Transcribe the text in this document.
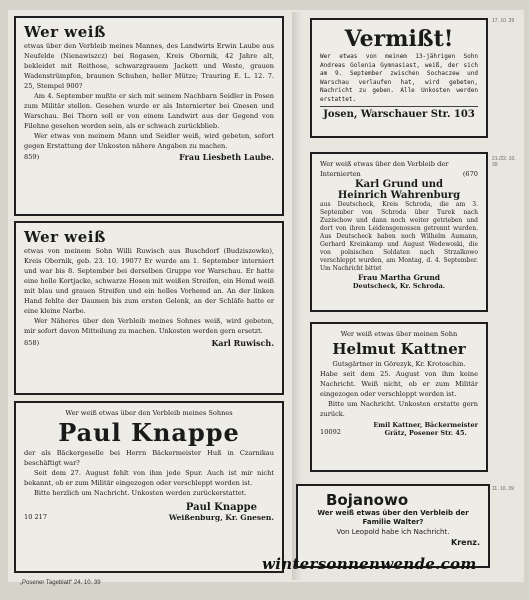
Wer weiß

etwas über den Verbleib meines Mannes, des Landwirts Erwin Laube aus Neufelde (Nienawiszcz) bei Rogasen, Kreis Obornik, 42 Jahre alt, bekleidet mit Reithose, schwarzgrauem Jackett und Weste, grauen Wadenstrümpfen, braunen Schuhen, heller Mütze; Trauring E. L. 12. 7. 25, Stempel 900?

Am 4. September mußte er sich mit seinem Nachbarn Seidler in Posen zum Militär stellen. Gesehen wurde er als Internierter bei Gnesen und Warschau. Bei Thorn soll er von einem Landwirt aus der Gegend von Filehne gesehen worden sein, als er schwach zurückblieb.

Wer etwas von meinem Mann und Seidler weiß, wird gebeten, sofort gegen Erstattung der Unkosten nähere Angaben zu machen.

859)	Frau Liesbeth Laube.
Wer weiß

etwas von meinem Sohn Willi Ruwisch aus Buschdorf (Budziszewko), Kreis Obornik, geb. 23. 10. 1907? Er wurde am 1. September interniert und war bis 8. September bei derselben Gruppe vor Warschau. Er hatte eine helle Kortjacke, schwarze Hosen mit weißen Streifen, ein Hemd weiß mit blau und grauen Streifen und ein helles Vorhemd an. An der linken Hand fehlte der Daumen bis zum ersten Gelenk, an der Schläfe hatte er eine kleine Narbe.

Wer Näheres über den Verbleib meines Sohnes weiß, wird gebeten, mir sofort davon Mitteilung zu machen. Unkosten werden gern ersetzt.

858)	Karl Ruwisch.

Wer weiß etwas über den Verbleib meines Sohnes

Paul Knappe

der als Bäckergeselle bei Herrn Bäckermeister Huß in Czarnikau beschäftigt war?

Seit dem 27. August fehlt von ihm jede Spur. Auch ist mir nicht bekannt, ob er zum Militär eingezogen oder verschleppt worden ist.

Bitte herzlich um Nachricht. Unkosten werden zurückerstattet.

10 217
Paul Knappe
Weißenburg, Kr. Gnesen.
Vermißt!

Wer etwas von meinem 13-jährigen Sohn Andreas Golenia Gymnasiast, weiß, der sich am 9. September zwischen Sochaczew und Warschau verlaufen hat, wird gebeten, Nachricht zu geben. Alle Unkosten werden erstattet.

Josen, Warschauer Str. 103
17. 10. 39

Wer weiß etwas über den Verbleib der Internierten	(670
Karl Grund und
Heinrich Wahrenburg

aus Deutscheck, Kreis Schroda, die am 3. September von Schroda über Turek nach Zuzischow und dann noch weiter getrieben und dort von ihren Leidensgenossen getrennt wurden. Aus Deutscheck haben noch Wilhelm Aumann, Gerhard Kreinkamp und August Wedewoski, die von polnischen Soldaten nach Strzalkowo verschleppt wurden, am Montag, d. 4. September. Um Nachricht bittet

Frau Martha Grund
Deutscheck, Kr. Schroda.
21./22. 10. 39

Wer weiß etwas über meinen Sohn

Helmut Kattner

Gutsgärtner in Görezyk, Kr. Krotoschin.

Habe seit dem 25. August von ihm keine Nachricht. Weiß nicht, ob er zum Militär eingezogen oder verschleppt worden ist.

Bitte um Nachricht. Unkosten erstatte gern zurück.

10092
Emil Kattner, Bäckermeister
Grätz, Posener Str. 45.
Bojanowo
Wer weiß etwas über den Verbleib der Familie Walter?
Von Leopold habe ich Nachricht.
Krenz.
11. 10. 39
„Posener Tageblatt“ 24. 10. 39
wintersonnenwende.com
